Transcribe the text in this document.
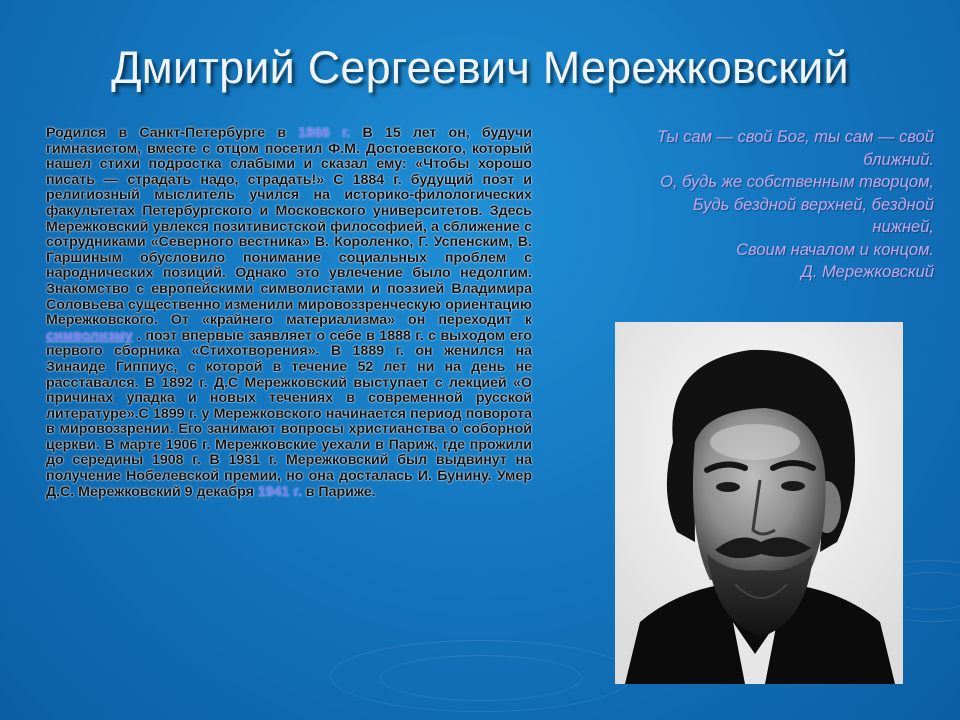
Дмитрий Сергеевич Мережковский
Родился в Санкт-Петербурге в 1866 г. В 15 лет он, будучи гимназистом, вместе с отцом посетил Ф.М. Достоевского, который нашел стихи подростка слабыми и сказал ему: «Чтобы хорошо писать — страдать надо, страдать!» С 1884 г. будущий поэт и религиозный мыслитель учился на историко-филологических факультетах Петербургского и Московского университетов. Здесь Мережковский увлекся позитивистской философией, а сближение с сотрудниками «Северного вестника» В. Короленко, Г. Успенским, В. Гаршиным обусловило понимание социальных проблем с народнических позиций. Однако это увлечение было недолгим. Знакомство с европейскими символистами и поэзией Владимира Соловьева существенно изменили мировоззренческую ориентацию Мережковского. От «крайнего материализма» он переходит к символизму . поэт впервые заявляет о себе в 1888 г. с выходом его первого сборника «Стихотворения». В 1889 г. он женился на Зинаиде Гиппиус, с которой в течение 52 лет ни на день не расставался. В 1892 г. Д.С Мережковский выступает с лекцией «О причинах упадка и новых течениях в современной русской литературе».С 1899 г. у Мережковского начинается период поворота в мировоззрении. Его занимают вопросы христианства о соборной церкви. В марте 1906 г. Мережковские уехали в Париж, где прожили до середины 1908 г. В 1931 г. Мережковский был выдвинут на получение Нобелевской премии, но она досталась И. Бунину. Умер Д.С. Мережковский 9 декабря 1941 г. в Париже.
Ты сам — свой Бог, ты сам — свой
ближний.
О, будь же собственным творцом,
Будь бездной верхней, бездной
нижней,
Своим началом и концом.
Д. Мережковский
